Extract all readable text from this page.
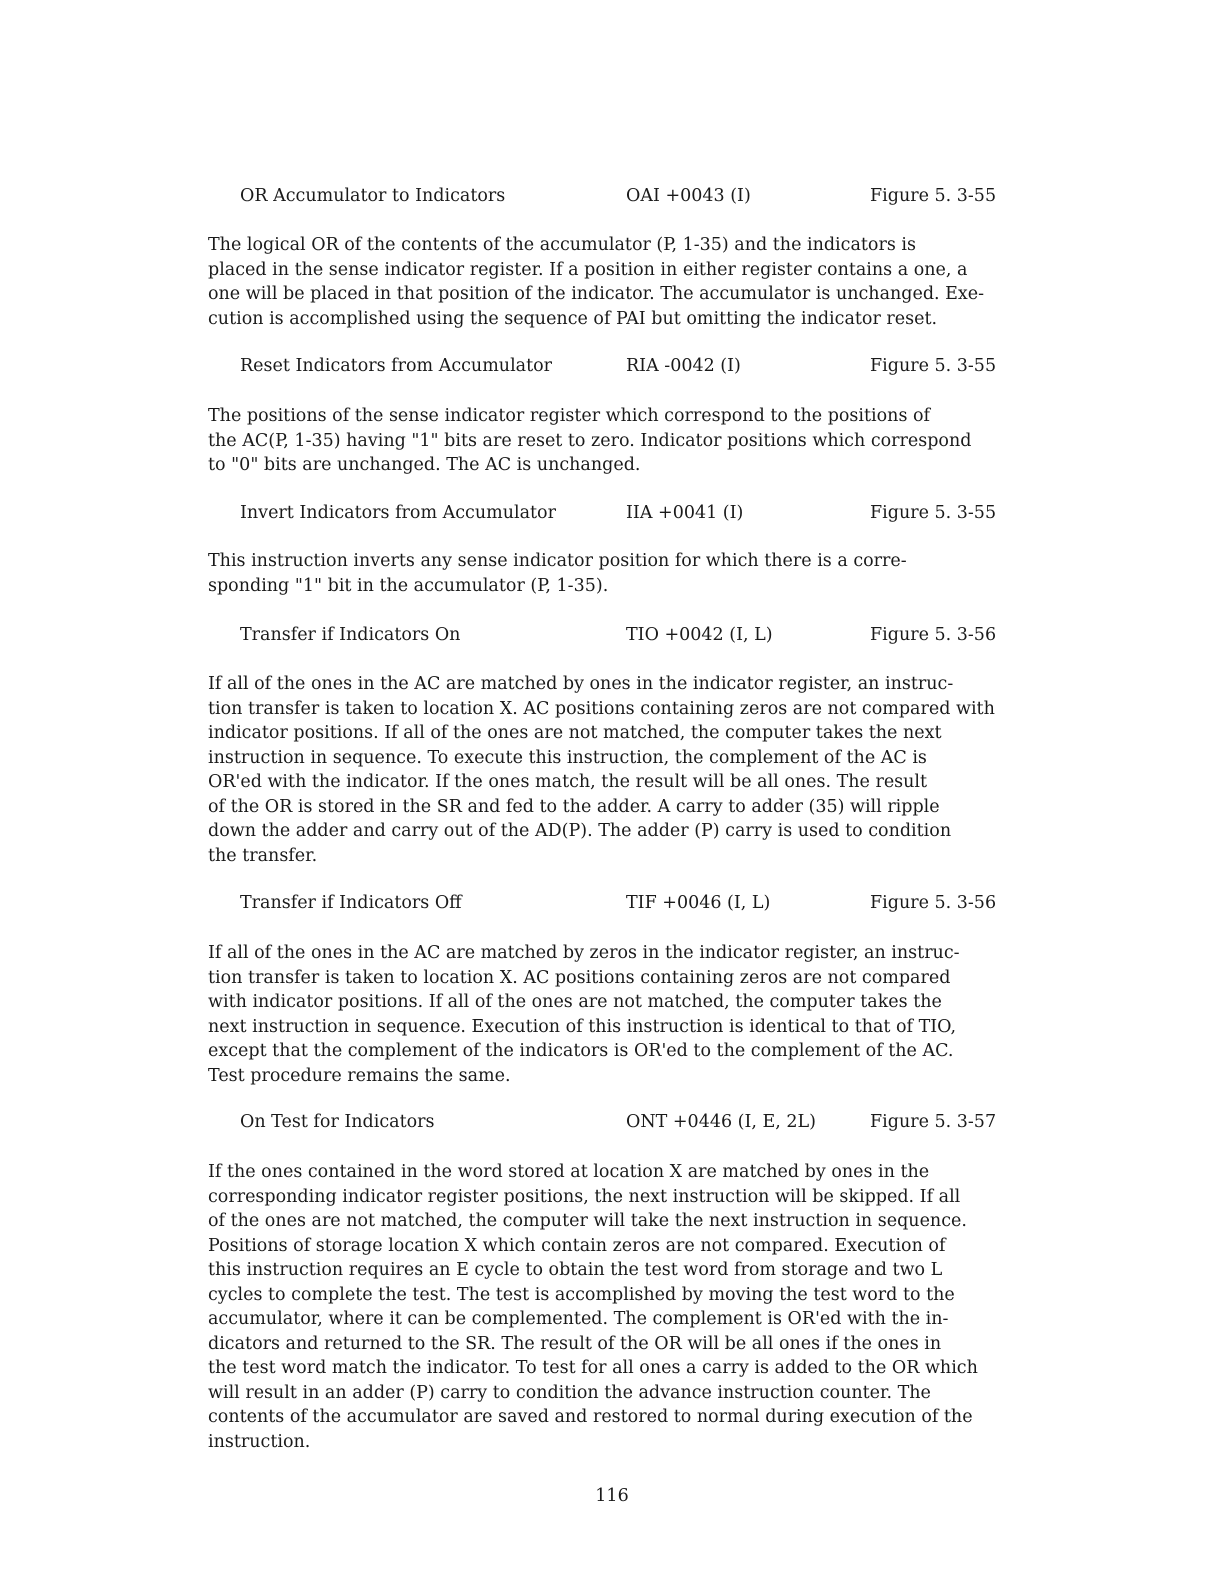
OR Accumulator to Indicators	OAI +0043 (I)	Figure 5. 3-55
The logical OR of the contents of the accumulator (P, 1-35) and the indicators is
placed in the sense indicator register. If a position in either register contains a one, a
one will be placed in that position of the indicator. The accumulator is unchanged. Exe-
cution is accomplished using the sequence of PAI but omitting the indicator reset.
Reset Indicators from Accumulator	RIA -0042 (I)	Figure 5. 3-55
The positions of the sense indicator register which correspond to the positions of
the AC(P, 1-35) having "1" bits are reset to zero. Indicator positions which correspond
to "0" bits are unchanged. The AC is unchanged.
Invert Indicators from Accumulator	IIA +0041 (I)	Figure 5. 3-55
This instruction inverts any sense indicator position for which there is a corre-
sponding "1" bit in the accumulator (P, 1-35).
Transfer if Indicators On	TIO +0042 (I, L)	Figure 5. 3-56
If all of the ones in the AC are matched by ones in the indicator register, an instruc-
tion transfer is taken to location X. AC positions containing zeros are not compared with
indicator positions. If all of the ones are not matched, the computer takes the next
instruction in sequence. To execute this instruction, the complement of the AC is
OR'ed with the indicator. If the ones match, the result will be all ones. The result
of the OR is stored in the SR and fed to the adder. A carry to adder (35) will ripple
down the adder and carry out of the AD(P). The adder (P) carry is used to condition
the transfer.
Transfer if Indicators Off	TIF +0046 (I, L)	Figure 5. 3-56
If all of the ones in the AC are matched by zeros in the indicator register, an instruc-
tion transfer is taken to location X. AC positions containing zeros are not compared
with indicator positions. If all of the ones are not matched, the computer takes the
next instruction in sequence. Execution of this instruction is identical to that of TIO,
except that the complement of the indicators is OR'ed to the complement of the AC.
Test procedure remains the same.
On Test for Indicators	ONT +0446 (I, E, 2L)	Figure 5. 3-57
If the ones contained in the word stored at location X are matched by ones in the
corresponding indicator register positions, the next instruction will be skipped. If all
of the ones are not matched, the computer will take the next instruction in sequence.
Positions of storage location X which contain zeros are not compared. Execution of
this instruction requires an E cycle to obtain the test word from storage and two L
cycles to complete the test. The test is accomplished by moving the test word to the
accumulator, where it can be complemented. The complement is OR'ed with the in-
dicators and returned to the SR. The result of the OR will be all ones if the ones in
the test word match the indicator. To test for all ones a carry is added to the OR which
will result in an adder (P) carry to condition the advance instruction counter. The
contents of the accumulator are saved and restored to normal during execution of the
instruction.
116
